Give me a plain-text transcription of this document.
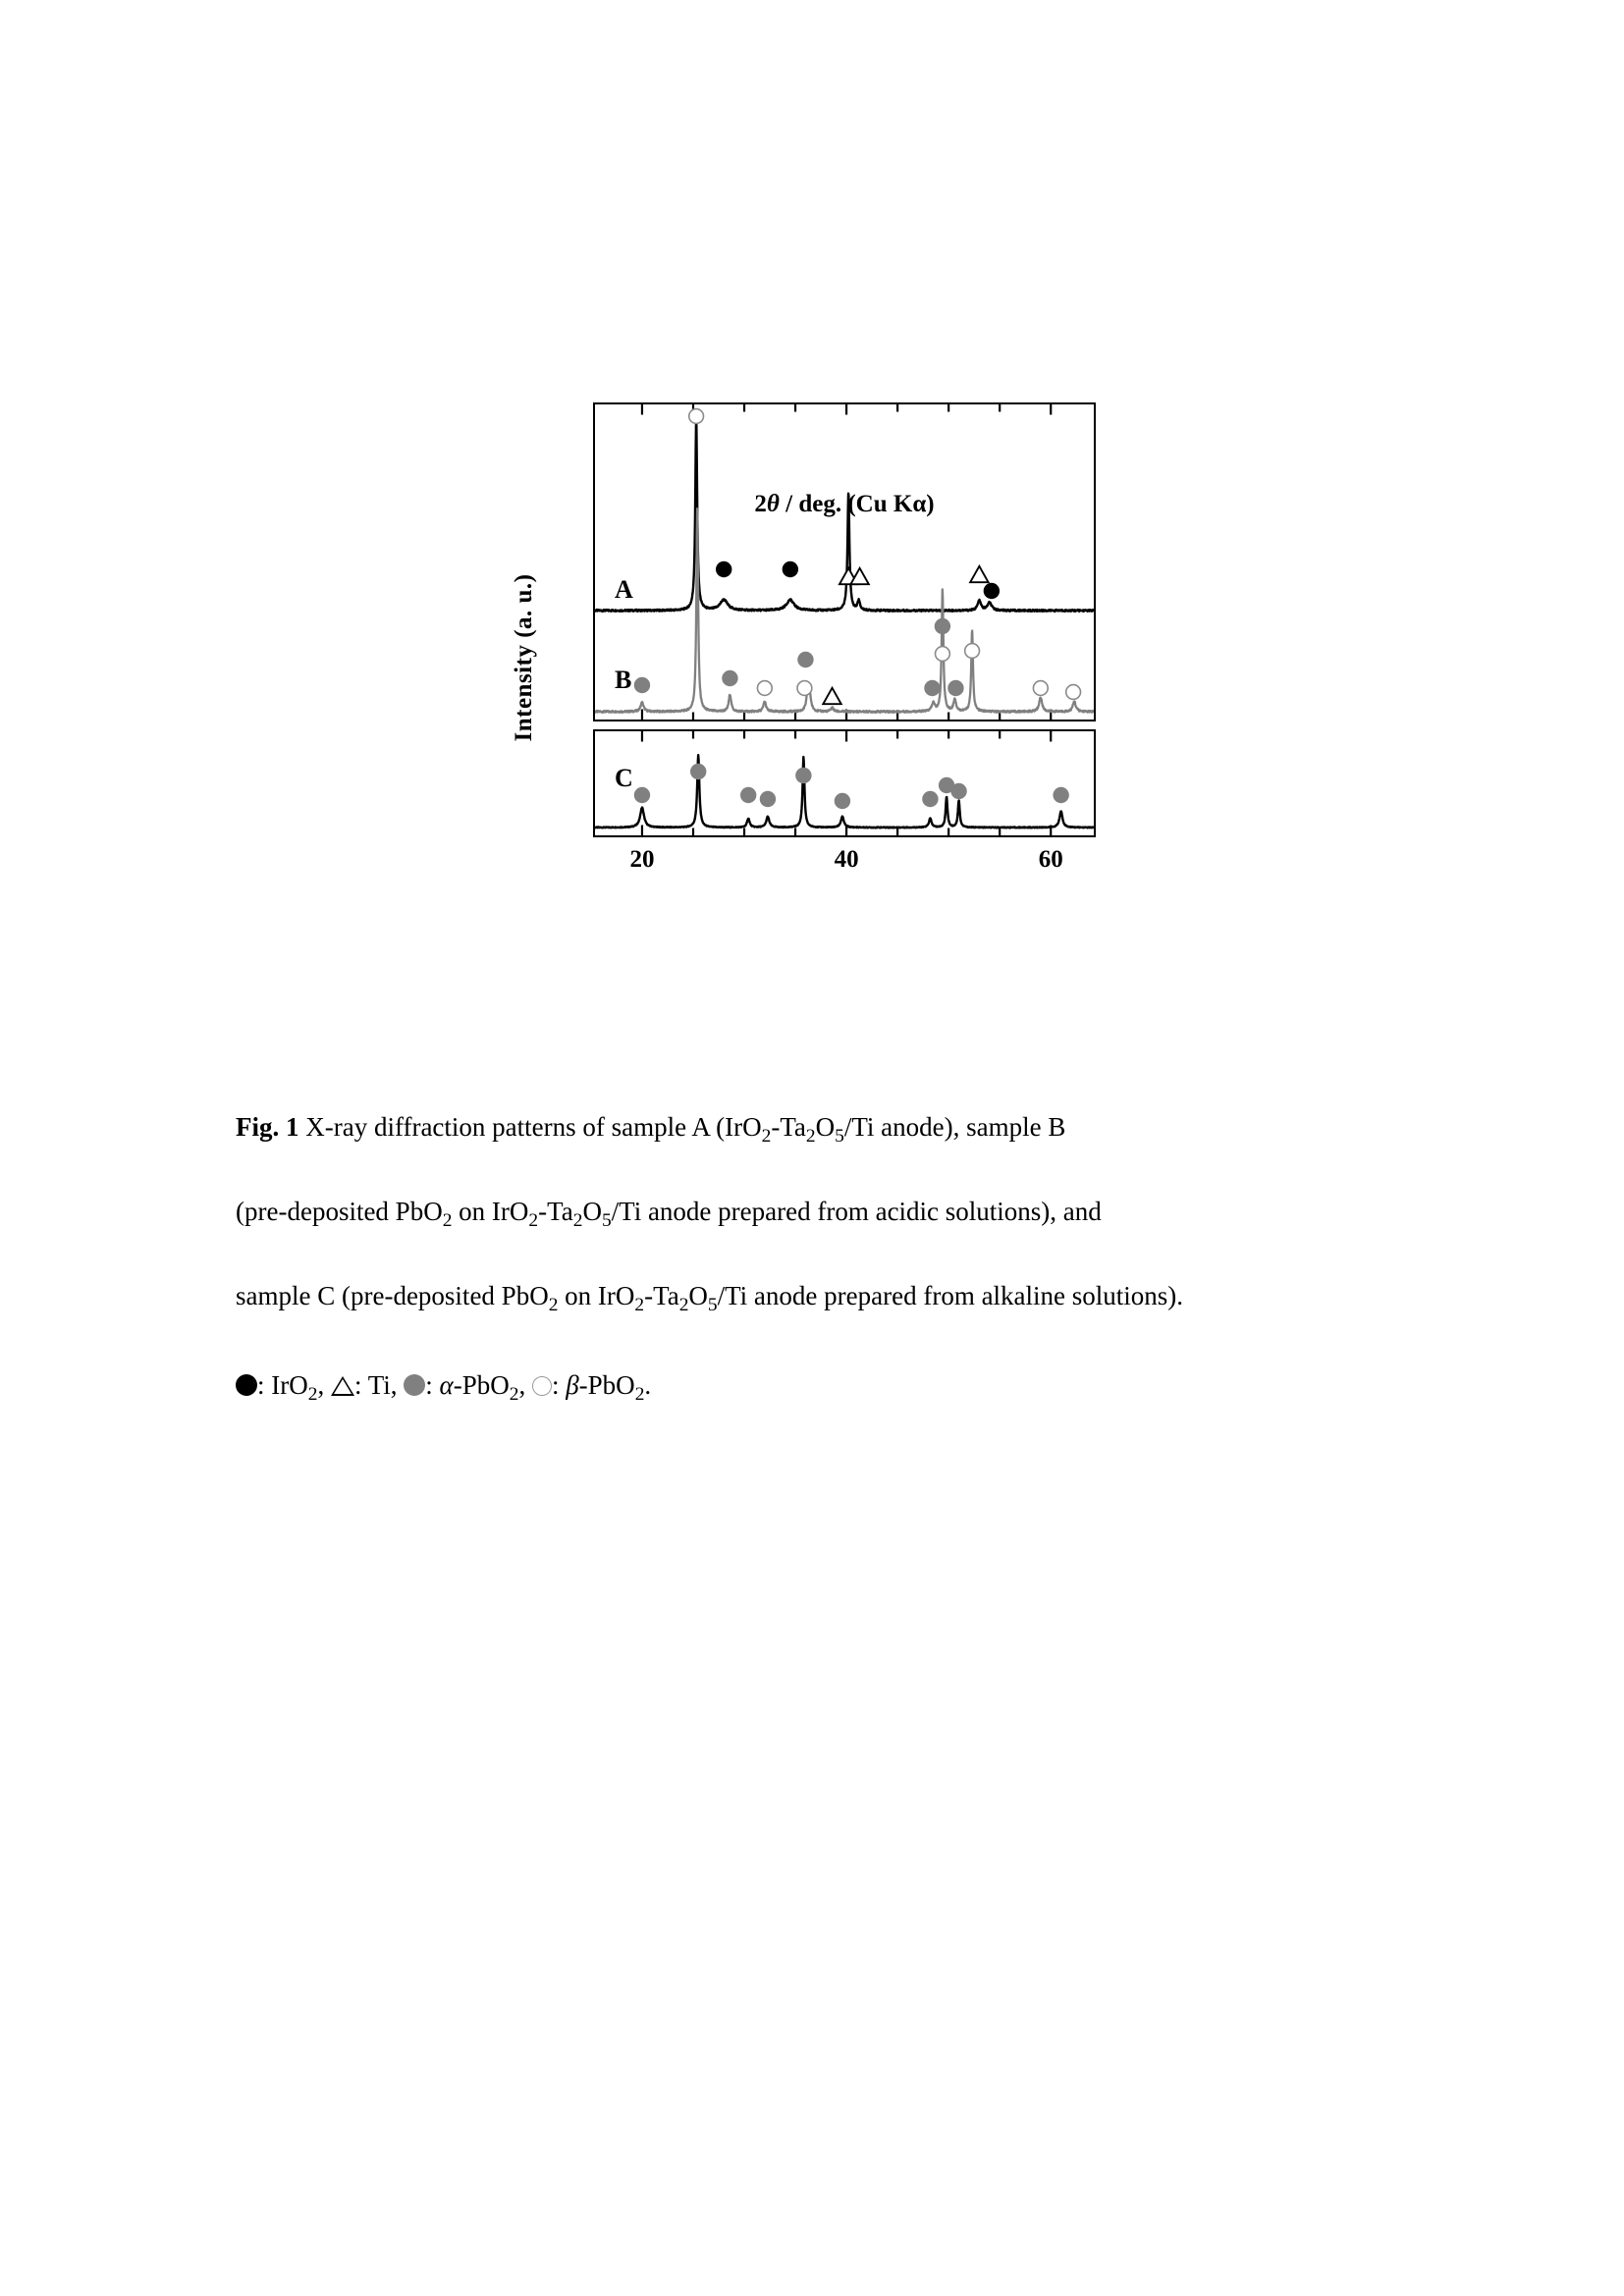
Intensity (a. u.)	A
B
C
20	40	60
2θ / deg. (Cu Kα)
Fig. 1 X-ray diffraction patterns of sample A ($IrO_2-Ta_2O_5/Ti$ anode), sample B
(pre-deposited PbO$_2$ on $IrO_2-Ta_2O_5/Ti$ anode prepared from acidic solutions), and
sample C (pre-deposited PbO$_2$ on $IrO_2-Ta_2O_5/Ti$ anode prepared from alkaline solutions).
: IrO$_2$, : Ti, : α-PbO$_2$, : β-PbO$_2$.
